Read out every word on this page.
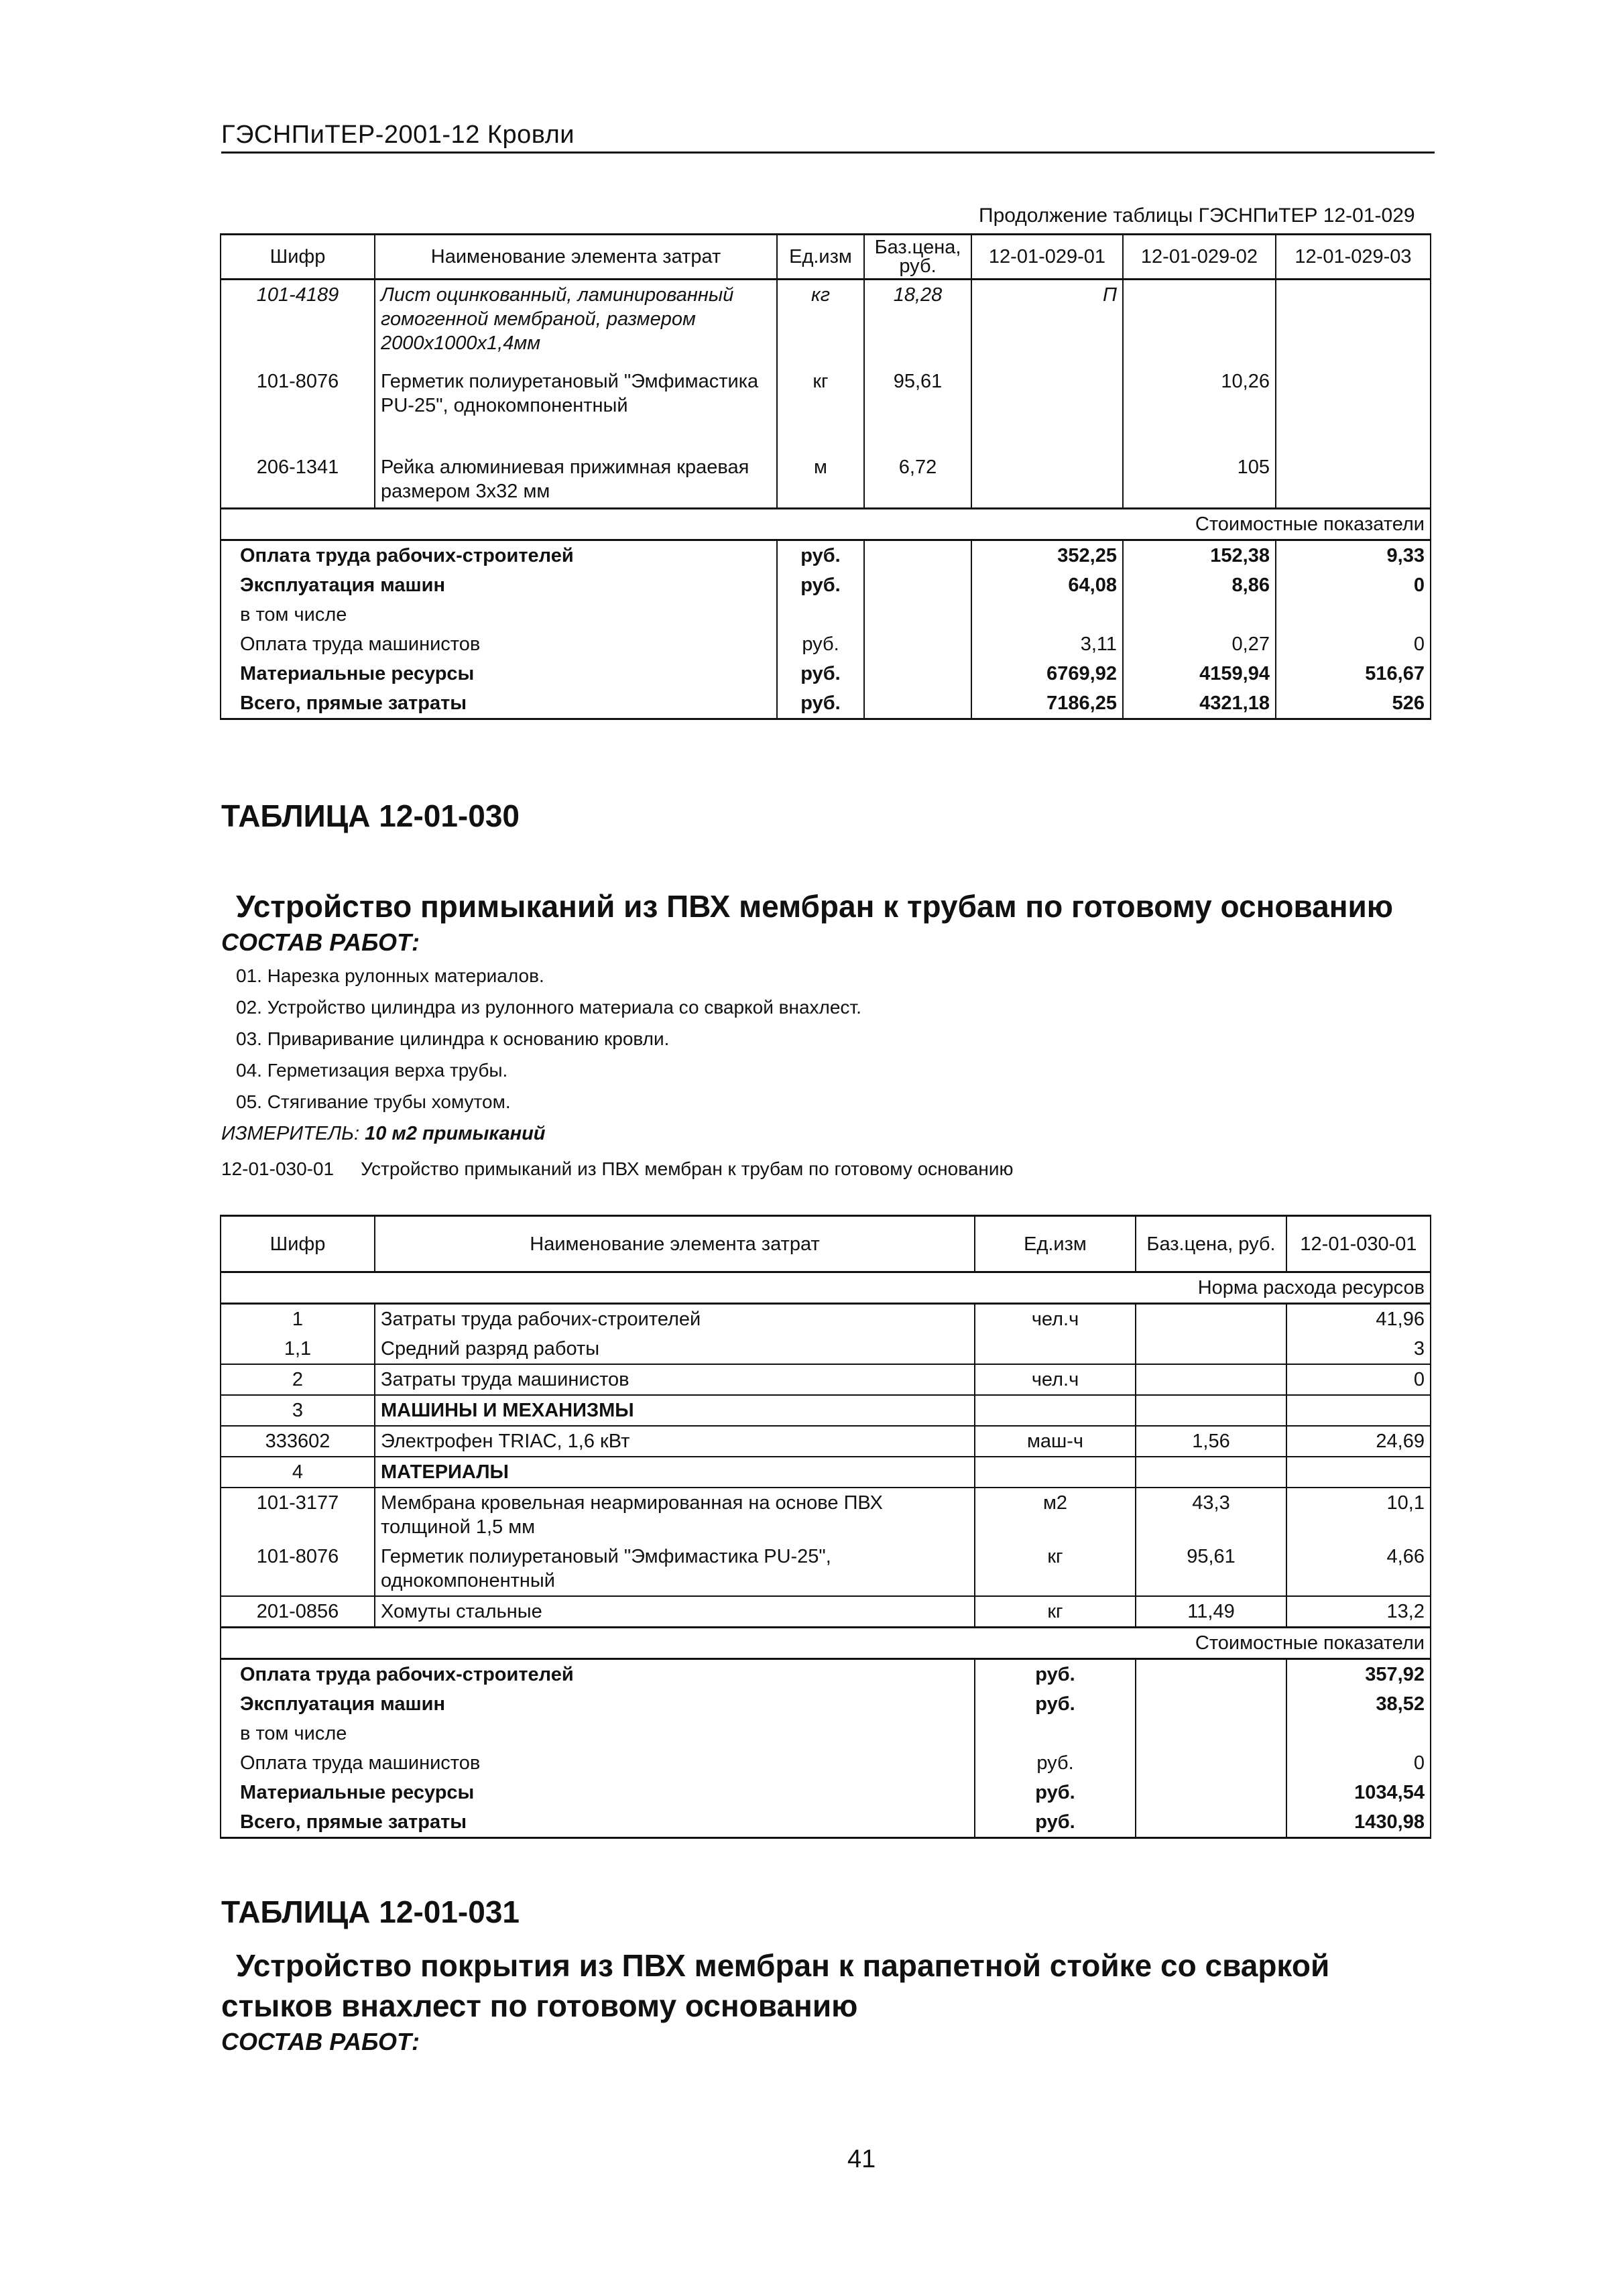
ГЭСНПиТЕР-2001-12 Кровли
Продолжение таблицы ГЭСНПиТЕР 12-01-029
Шифр	Наименование элемента затрат	Ед.изм	Баз.цена, руб.	12-01-029-01	12-01-029-02	12-01-029-03
101-4189	Лист оцинкованный, ламинированный гомогенной мембраной, размером 2000х1000х1,4мм	кг	18,28	П		
101-8076	Герметик полиуретановый "Эмфимастика PU-25", однокомпонентный	кг	95,61		10,26	
206-1341	Рейка алюминиевая прижимная краевая размером 3х32 мм	м	6,72		105	
Стоимостные показатели						
Оплата труда рабочих-строителей		руб.		352,25	152,38	9,33
Эксплуатация машин		руб.		64,08	8,86	0
в том числе						
Оплата труда машинистов		руб.		3,11	0,27	0
Материальные ресурсы		руб.		6769,92	4159,94	516,67
Всего, прямые затраты		руб.		7186,25	4321,18	526
ТАБЛИЦА 12-01-030
Устройство примыканий из ПВХ мембран к трубам по готовому основанию
СОСТАВ РАБОТ:
01. Нарезка рулонных материалов.
02. Устройство цилиндра из рулонного материала со сваркой внахлест.
03. Приваривание цилиндра к основанию кровли.
04. Герметизация верха трубы.
05. Стягивание трубы хомутом.
ИЗМЕРИТЕЛЬ: 10 м2 примыканий
12-01-030-01 Устройство примыканий из ПВХ мембран к трубам по готовому основанию
Шифр	Наименование элемента затрат	Ед.изм	Баз.цена, руб.	12-01-030-01
Норма расхода ресурсов				
1	Затраты труда рабочих-строителей	чел.ч		41,96
1,1	Средний разряд работы			3
2	Затраты труда машинистов	чел.ч		0
3	МАШИНЫ И МЕХАНИЗМЫ			
333602	Электрофен TRIAC, 1,6 кВт	маш-ч	1,56	24,69
4	МАТЕРИАЛЫ			
101-3177	Мембрана кровельная неармированная на основе ПВХ толщиной 1,5 мм	м2	43,3	10,1
101-8076	Герметик полиуретановый "Эмфимастика PU-25", однокомпонентный	кг	95,61	4,66
201-0856	Хомуты стальные	кг	11,49	13,2
Стоимостные показатели				
Оплата труда рабочих-строителей		руб.		357,92
Эксплуатация машин		руб.		38,52
в том числе				
Оплата труда машинистов		руб.		0
Материальные ресурсы		руб.		1034,54
Всего, прямые затраты		руб.		1430,98
ТАБЛИЦА 12-01-031
Устройство покрытия из ПВХ мембран к парапетной стойке со сваркой
стыков внахлест по готовому основанию
СОСТАВ РАБОТ:
41
